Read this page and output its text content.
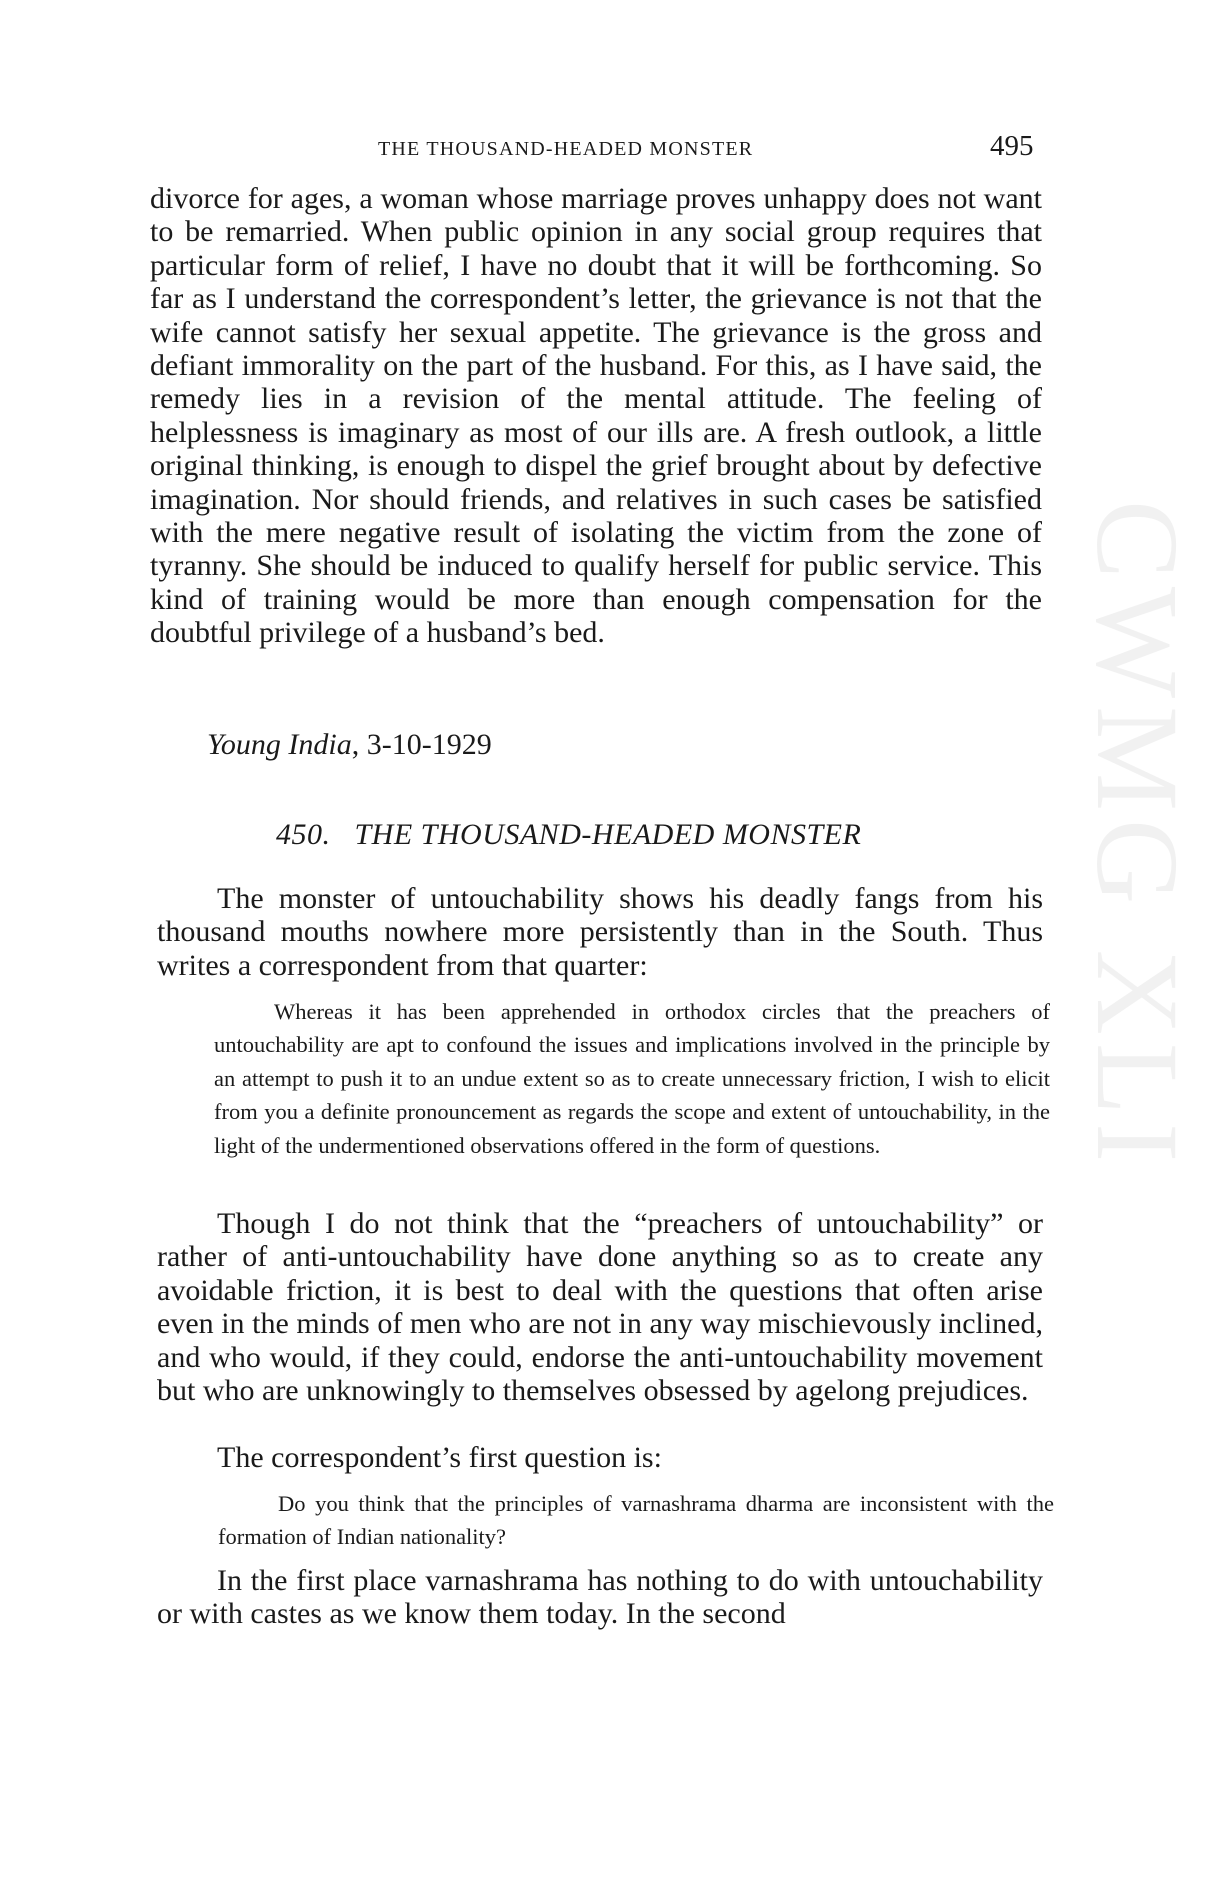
CWMG XLI
THE THOUSAND-HEADED MONSTER	495

divorce for ages, a woman whose marriage proves unhappy does not want to be remarried. When public opinion in any social group requires that particular form of relief, I have no doubt that it will be forthcoming. So far as I understand the correspondent’s letter, the grievance is not that the wife cannot satisfy her sexual appetite. The grievance is the gross and defiant immorality on the part of the husband. For this, as I have said, the remedy lies in a revision of the mental attitude. The feeling of helplessness is imaginary as most of our ills are. A fresh outlook, a little original thinking, is enough to dispel the grief brought about by defective imagination. Nor should friends, and relatives in such cases be satisfied with the mere negative result of isolating the victim from the zone of tyranny. She should be induced to qualify herself for public service. This kind of training would be more than enough compensation for the doubtful privilege of a husband’s bed.

Young India, 3-10-1929
450. THE THOUSAND-HEADED MONSTER

The monster of untouchability shows his deadly fangs from his thousand mouths nowhere more persistently than in the South. Thus writes a correspondent from that quarter:

Whereas it has been apprehended in orthodox circles that the preachers of untouchability are apt to confound the issues and implications involved in the principle by an attempt to push it to an undue extent so as to create unnecessary friction, I wish to elicit from you a definite pronouncement as regards the scope and extent of untouchability, in the light of the undermentioned observations offered in the form of questions.

Though I do not think that the “preachers of untouchability” or rather of anti-untouchability have done anything so as to create any avoidable friction, it is best to deal with the questions that often arise even in the minds of men who are not in any way mischievously inclined, and who would, if they could, endorse the anti-untouchability movement but who are unknowingly to themselves obsessed by agelong prejudices.

The correspondent’s first question is:

Do you think that the principles of varnashrama dharma are inconsistent with the formation of Indian nationality?

In the first place varnashrama has nothing to do with untouchability or with castes as we know them today. In the second
